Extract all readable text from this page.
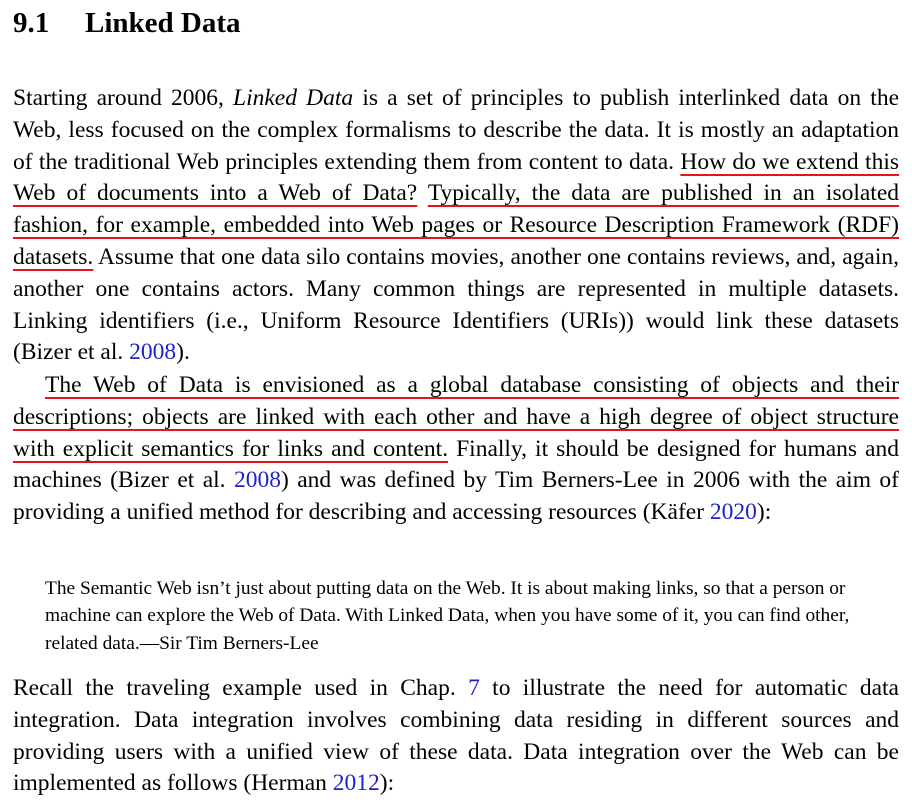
9.1 Linked Data

Starting around 2006, Linked Data is a set of principles to publish interlinked data on the Web, less focused on the complex formalisms to describe the data. It is mostly an adaptation of the traditional Web principles extending them from content to data. How do we extend this Web of documents into a Web of Data? Typically, the data are published in an isolated fashion, for example, embedded into Web pages or Resource Description Framework (RDF) datasets. Assume that one data silo contains movies, another one contains reviews, and, again, another one contains actors. Many common things are represented in multiple datasets. Linking identifiers (i.e., Uniform Resource Identifiers (URIs)) would link these datasets (Bizer et al. 2008).

The Web of Data is envisioned as a global database consisting of objects and their descriptions; objects are linked with each other and have a high degree of object structure with explicit semantics for links and content. Finally, it should be designed for humans and machines (Bizer et al. 2008) and was defined by Tim Berners-Lee in 2006 with the aim of providing a unified method for describing and accessing resources (Käfer 2020):

The Semantic Web isn’t just about putting data on the Web. It is about making links, so that a person or machine can explore the Web of Data. With Linked Data, when you have some of it, you can find other, related data.—Sir Tim Berners-Lee

Recall the traveling example used in Chap. 7 to illustrate the need for automatic data integration. Data integration involves combining data residing in different sources and providing users with a unified view of these data. Data integration over the Web can be implemented as follows (Herman 2012):
